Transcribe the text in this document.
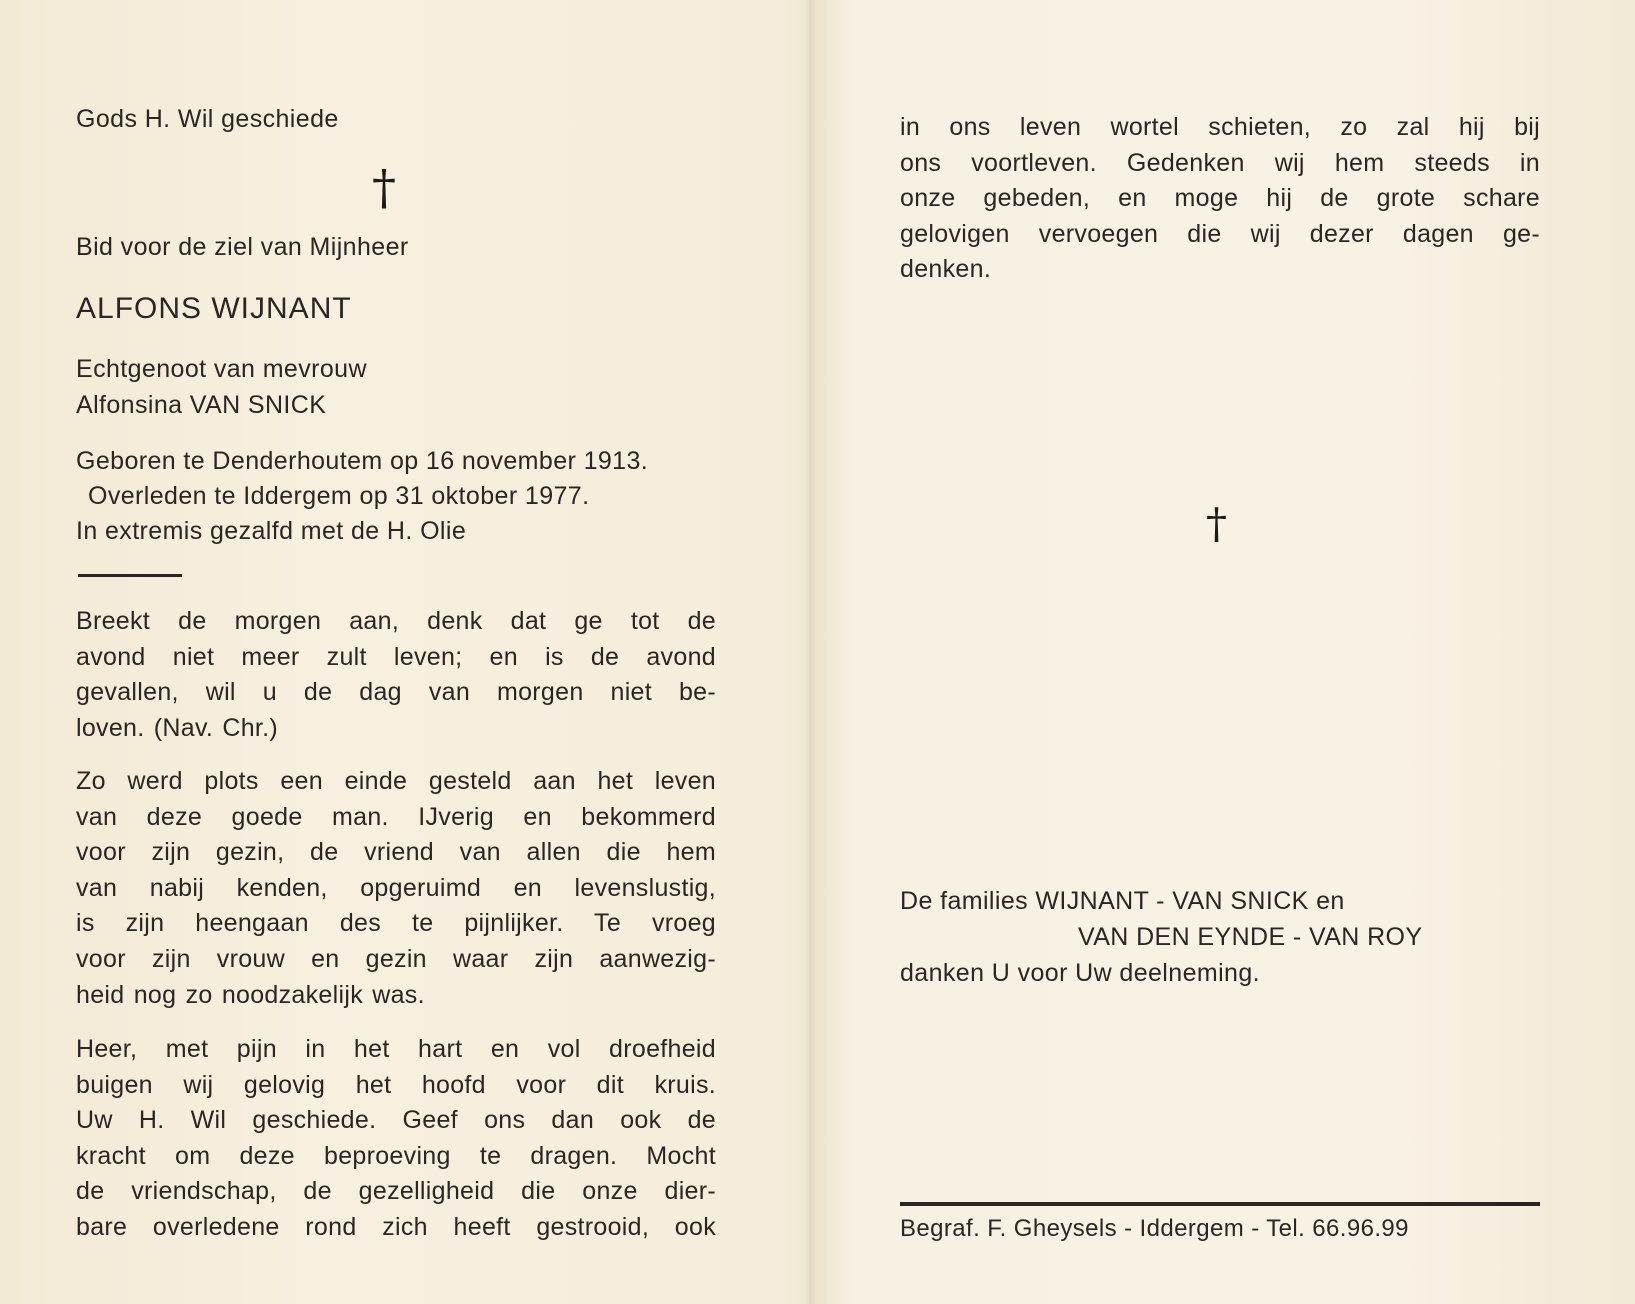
Gods H. Wil geschiede
†
Bid voor de ziel van Mijnheer
ALFONS WIJNANT
Echtgenoot van mevrouw
Alfonsina VAN SNICK
Geboren te Denderhoutem op 16 november 1913.
Overleden te Iddergem op 31 oktober 1977.
In extremis gezalfd met de H. Olie
Breekt de morgen aan, denk dat ge tot de
avond niet meer zult leven; en is de avond
gevallen, wil u de dag van morgen niet be-
loven. (Nav. Chr.)
Zo werd plots een einde gesteld aan het leven
van deze goede man. IJverig en bekommerd
voor zijn gezin, de vriend van allen die hem
van nabij kenden, opgeruimd en levenslustig,
is zijn heengaan des te pijnlijker. Te vroeg
voor zijn vrouw en gezin waar zijn aanwezig-
heid nog zo noodzakelijk was.
Heer, met pijn in het hart en vol droefheid
buigen wij gelovig het hoofd voor dit kruis.
Uw H. Wil geschiede. Geef ons dan ook de
kracht om deze beproeving te dragen. Mocht
de vriendschap, de gezelligheid die onze dier-
bare overledene rond zich heeft gestrooid, ook
in ons leven wortel schieten, zo zal hij bij
ons voortleven. Gedenken wij hem steeds in
onze gebeden, en moge hij de grote schare
gelovigen vervoegen die wij dezer dagen ge-
denken.
†
De families WIJNANT - VAN SNICK en
VAN DEN EYNDE - VAN ROY
danken U voor Uw deelneming.
Begraf. F. Gheysels - Iddergem - Tel. 66.96.99
